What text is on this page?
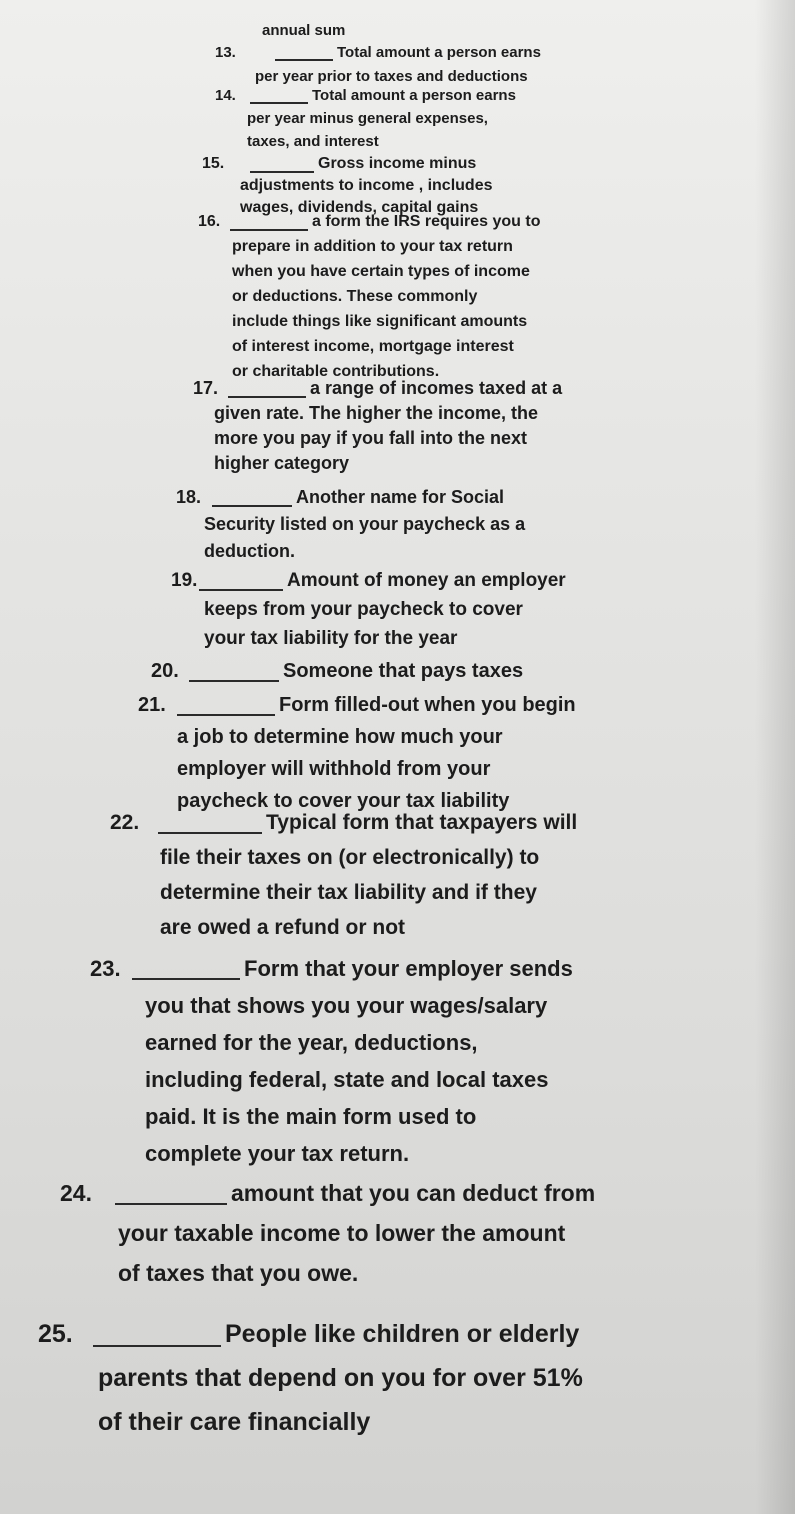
annual sum
13.	Total amount a person earns
per year prior to taxes and deductions
14.	Total amount a person earns
per year minus general expenses,
taxes, and interest
15.	Gross income minus
adjustments to income , includes
wages, dividends, capital gains
16.	a form the IRS requires you to
prepare in addition to your tax return
when you have certain types of income
or deductions. These commonly
include things like significant amounts
of interest income, mortgage interest
or charitable contributions.
17.	a range of incomes taxed at a
given rate. The higher the income, the
more you pay if you fall into the next
higher category
18.	Another name for Social
Security listed on your paycheck as a
deduction.
19.	Amount of money an employer
keeps from your paycheck to cover
your tax liability for the year
20.	Someone that pays taxes
21.	Form filled-out when you begin
a job to determine how much your
employer will withhold from your
paycheck to cover your tax liability
22.	Typical form that taxpayers will
file their taxes on (or electronically) to
determine their tax liability and if they
are owed a refund or not
23.	Form that your employer sends
you that shows you your wages/salary
earned for the year, deductions,
including federal, state and local taxes
paid. It is the main form used to
complete your tax return.
24.	amount that you can deduct from
your taxable income to lower the amount
of taxes that you owe.
25.	People like children or elderly
parents that depend on you for over 51%
of their care financially
